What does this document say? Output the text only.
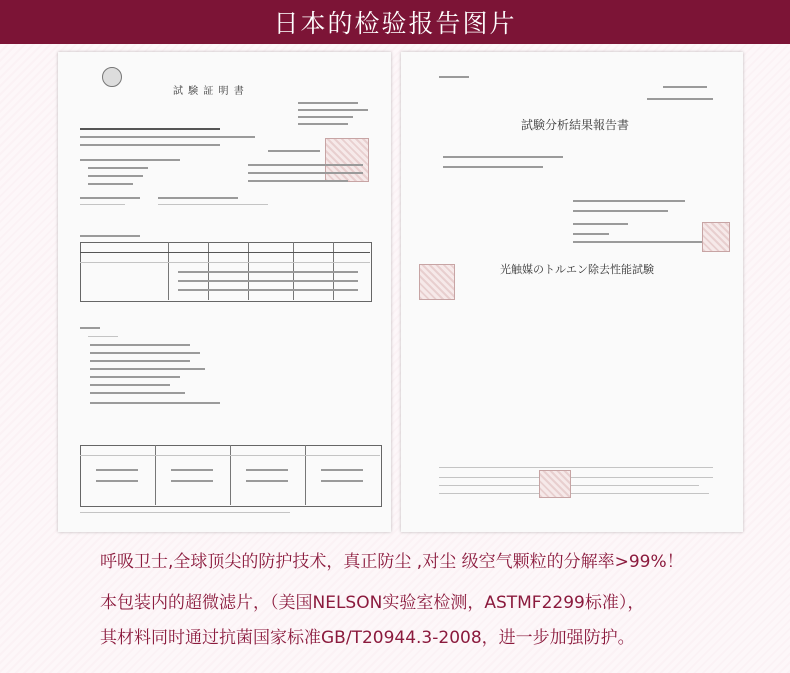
日本的检验报告图片
試 験 証 明 書
試験分析結果報告書
光触媒のトルエン除去性能試験
呼吸卫士,全球顶尖的防护技术，真正防尘 ,对尘 级空气颗粒的分解率>99%！
本包装内的超微滤片，（美国NELSON实验室检测，ASTMF2299标准），
其材料同时通过抗菌国家标准GB/T20944.3-2008，进一步加强防护。
